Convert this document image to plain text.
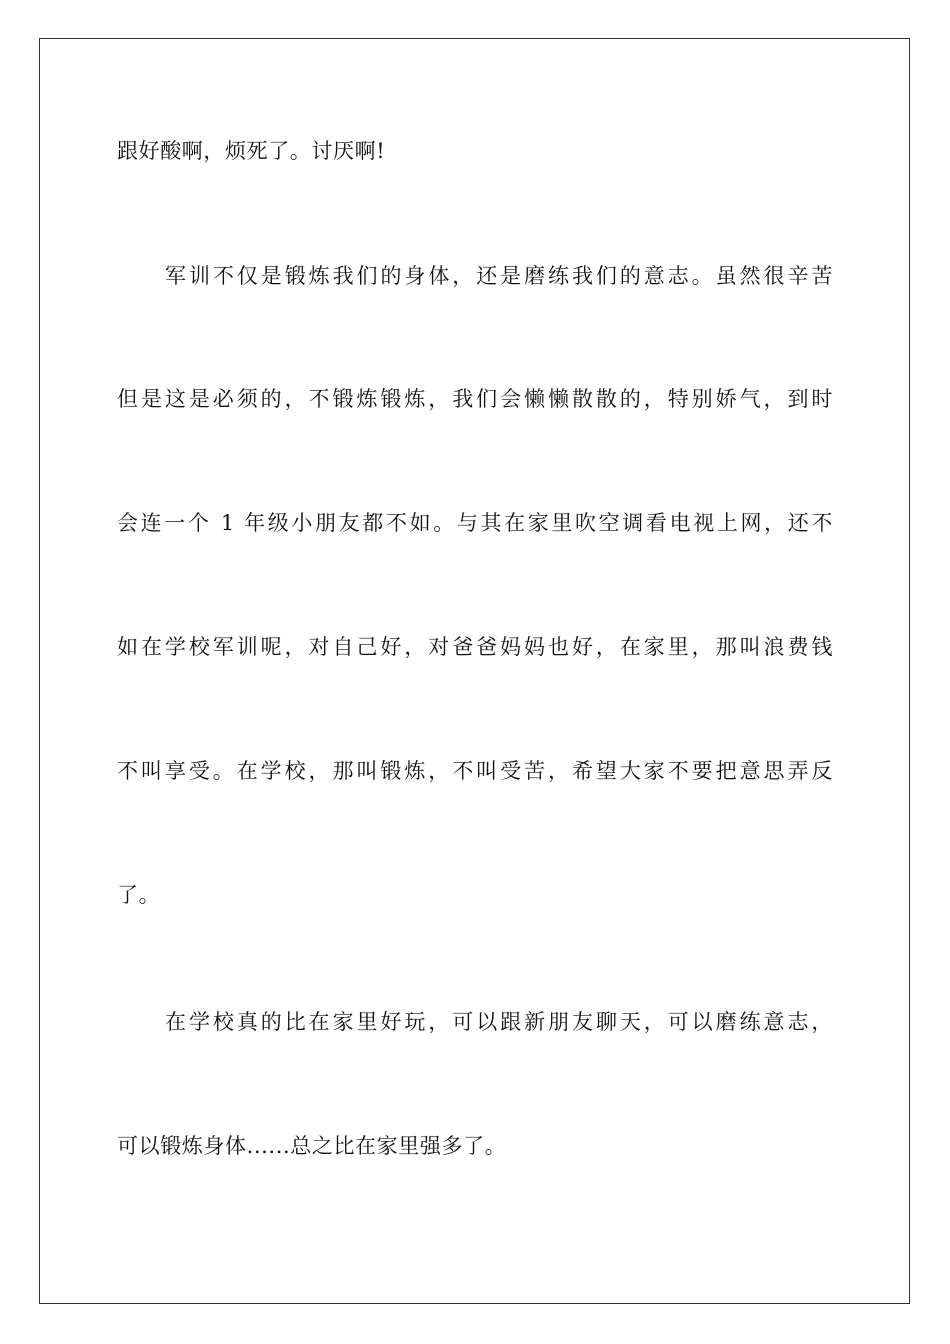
跟好酸啊，烦死了。讨厌啊!
军训不仅是锻炼我们的身体，还是磨练我们的意志。虽然很辛苦
但是这是必须的，不锻炼锻炼，我们会懒懒散散的，特别娇气，到时
会连一个 1 年级小朋友都不如。与其在家里吹空调看电视上网，还不
如在学校军训呢，对自己好，对爸爸妈妈也好，在家里，那叫浪费钱
不叫享受。在学校，那叫锻炼，不叫受苦，希望大家不要把意思弄反
了。
在学校真的比在家里好玩，可以跟新朋友聊天，可以磨练意志，
可以锻炼身体......总之比在家里强多了。
